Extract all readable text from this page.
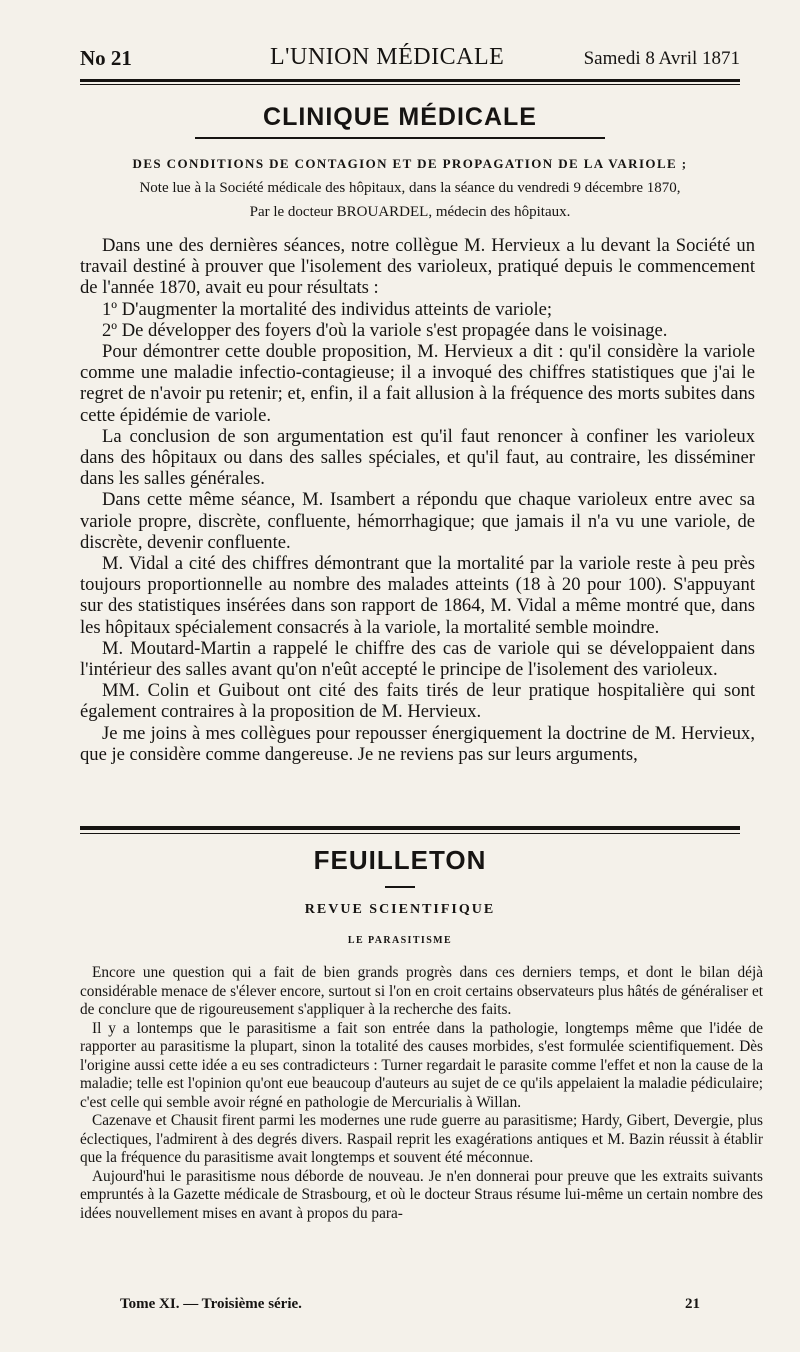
No 21	L'UNION MÉDICALE	Samedi 8 Avril 1871
CLINIQUE MÉDICALE

DES CONDITIONS DE CONTAGION ET DE PROPAGATION DE LA VARIOLE ;

Note lue à la Société médicale des hôpitaux, dans la séance du vendredi 9 décembre 1870,

Par le docteur BROUARDEL, médecin des hôpitaux.

Dans une des dernières séances, notre collègue M. Hervieux a lu devant la Société un travail destiné à prouver que l'isolement des varioleux, pratiqué depuis le commencement de l'année 1870, avait eu pour résultats :

1º D'augmenter la mortalité des individus atteints de variole;

2º De développer des foyers d'où la variole s'est propagée dans le voisinage.

Pour démontrer cette double proposition, M. Hervieux a dit : qu'il considère la variole comme une maladie infectio-contagieuse; il a invoqué des chiffres statistiques que j'ai le regret de n'avoir pu retenir; et, enfin, il a fait allusion à la fréquence des morts subites dans cette épidémie de variole.

La conclusion de son argumentation est qu'il faut renoncer à confiner les varioleux dans des hôpitaux ou dans des salles spéciales, et qu'il faut, au contraire, les disséminer dans les salles générales.

Dans cette même séance, M. Isambert a répondu que chaque varioleux entre avec sa variole propre, discrète, confluente, hémorrhagique; que jamais il n'a vu une variole, de discrète, devenir confluente.

M. Vidal a cité des chiffres démontrant que la mortalité par la variole reste à peu près toujours proportionnelle au nombre des malades atteints (18 à 20 pour 100). S'appuyant sur des statistiques insérées dans son rapport de 1864, M. Vidal a même montré que, dans les hôpitaux spécialement consacrés à la variole, la mortalité semble moindre.

M. Moutard-Martin a rappelé le chiffre des cas de variole qui se développaient dans l'intérieur des salles avant qu'on n'eût accepté le principe de l'isolement des varioleux.

MM. Colin et Guibout ont cité des faits tirés de leur pratique hospitalière qui sont également contraires à la proposition de M. Hervieux.

Je me joins à mes collègues pour repousser énergiquement la doctrine de M. Hervieux, que je considère comme dangereuse. Je ne reviens pas sur leurs arguments,

FEUILLETON
REVUE SCIENTIFIQUE
LE PARASITISME

Encore une question qui a fait de bien grands progrès dans ces derniers temps, et dont le bilan déjà considérable menace de s'élever encore, surtout si l'on en croit certains observateurs plus hâtés de généraliser et de conclure que de rigoureusement s'appliquer à la recherche des faits.

Il y a lontemps que le parasitisme a fait son entrée dans la pathologie, longtemps même que l'idée de rapporter au parasitisme la plupart, sinon la totalité des causes morbides, s'est formulée scientifiquement. Dès l'origine aussi cette idée a eu ses contradicteurs : Turner regardait le parasite comme l'effet et non la cause de la maladie; telle est l'opinion qu'ont eue beaucoup d'auteurs au sujet de ce qu'ils appelaient la maladie pédiculaire; c'est celle qui semble avoir régné en pathologie de Mercurialis à Willan.

Cazenave et Chausit firent parmi les modernes une rude guerre au parasitisme; Hardy, Gibert, Devergie, plus éclectiques, l'admirent à des degrés divers. Raspail reprit les exagérations antiques et M. Bazin réussit à établir que la fréquence du parasitisme avait longtemps et souvent été méconnue.

Aujourd'hui le parasitisme nous déborde de nouveau. Je n'en donnerai pour preuve que les extraits suivants empruntés à la Gazette médicale de Strasbourg, et où le docteur Straus résume lui-même un certain nombre des idées nouvellement mises en avant à propos du para-

Tome XI. — Troisième série.	21
